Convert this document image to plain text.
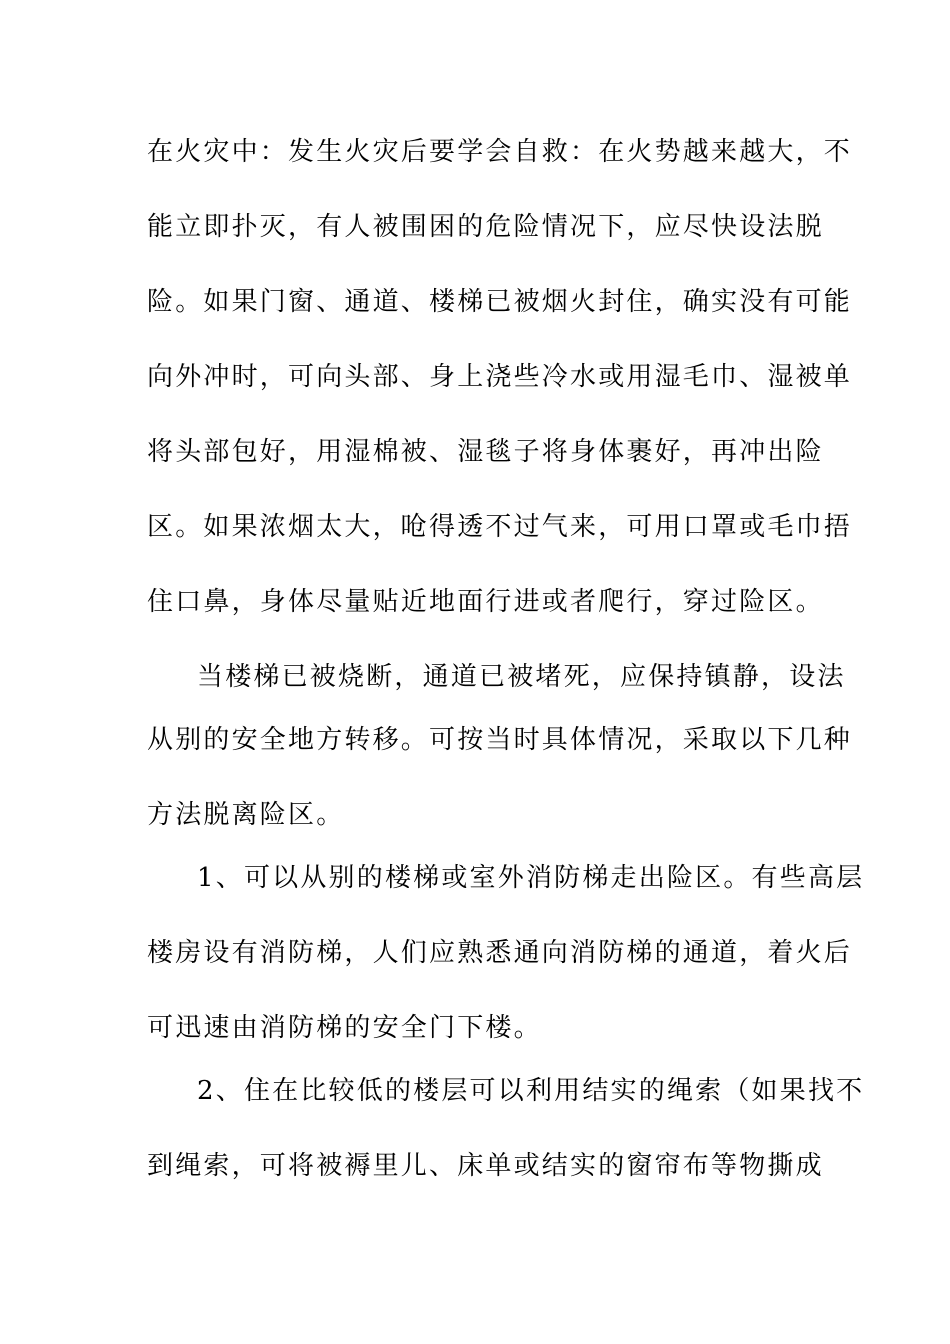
在火灾中：发生火灾后要学会自救：在火势越来越大，不
能立即扑灭，有人被围困的危险情况下，应尽快设法脱
险。如果门窗、通道、楼梯已被烟火封住，确实没有可能
向外冲时，可向头部、身上浇些冷水或用湿毛巾、湿被单
将头部包好，用湿棉被、湿毯子将身体裹好，再冲出险
区。如果浓烟太大，呛得透不过气来，可用口罩或毛巾捂
住口鼻，身体尽量贴近地面行进或者爬行，穿过险区。
当楼梯已被烧断，通道已被堵死，应保持镇静，设法
从别的安全地方转移。可按当时具体情况，采取以下几种
方法脱离险区。
1、可以从别的楼梯或室外消防梯走出险区。有些高层
楼房设有消防梯，人们应熟悉通向消防梯的通道，着火后
可迅速由消防梯的安全门下楼。
2、住在比较低的楼层可以利用结实的绳索（如果找不
到绳索，可将被褥里儿、床单或结实的窗帘布等物撕成
